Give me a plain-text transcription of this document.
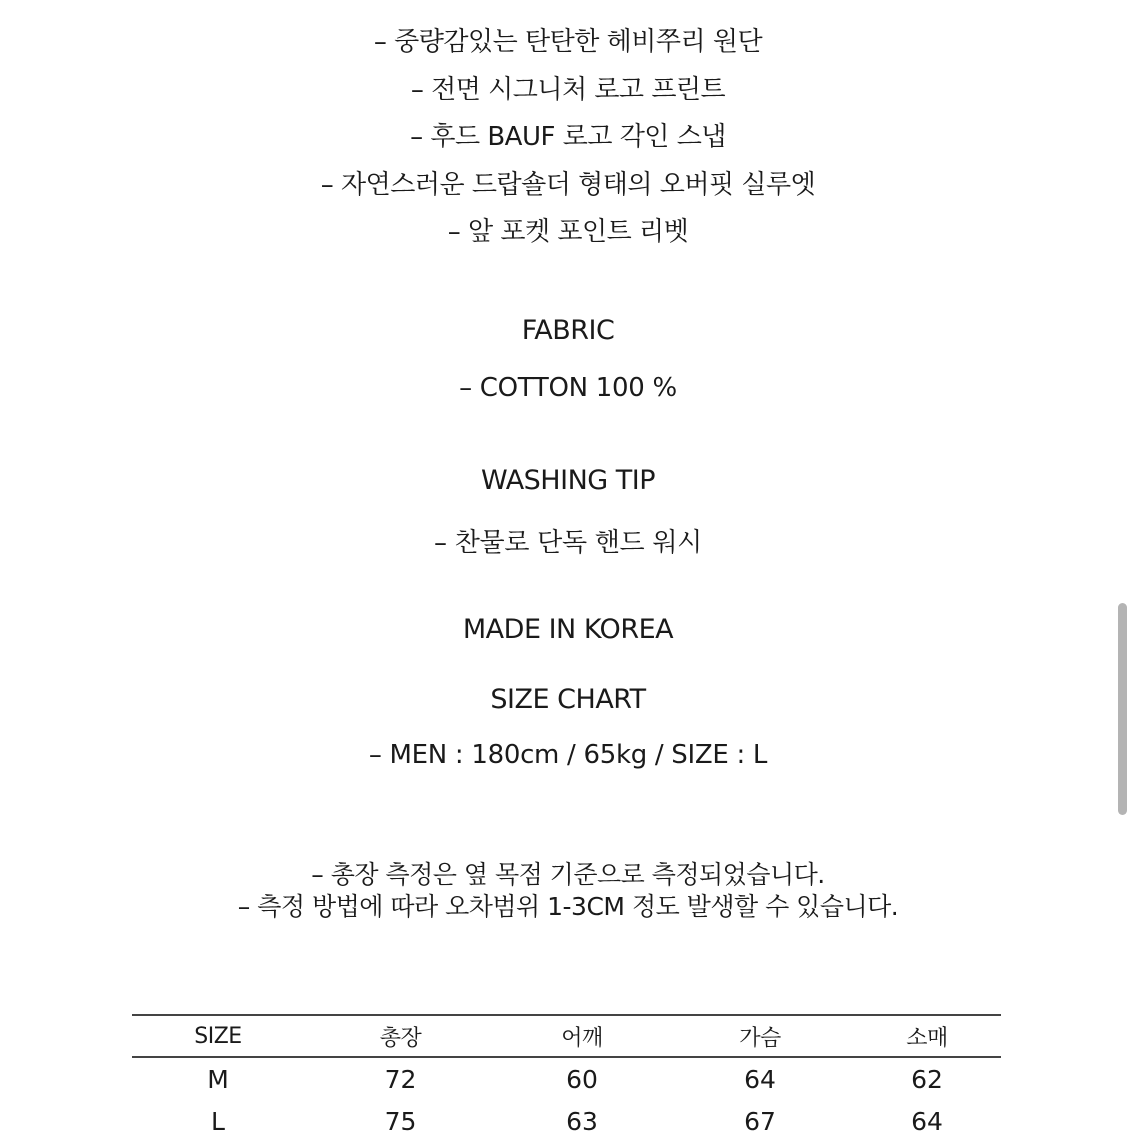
– 중량감있는 탄탄한 헤비쭈리 원단
– 전면 시그니처 로고 프린트
– 후드 BAUF 로고 각인 스냅
– 자연스러운 드랍숄더 형태의 오버핏 실루엣
– 앞 포켓 포인트 리벳
FABRIC
– COTTON 100 %
WASHING TIP
– 찬물로 단독 핸드 워시
MADE IN KOREA
SIZE CHART
– MEN : 180cm / 65kg / SIZE : L
– 총장 측정은 옆 목점 기준으로 측정되었습니다.
– 측정 방법에 따라 오차범위 1-3CM 정도 발생할 수 있습니다.
SIZE	총장	어깨	가슴	소매
M	72	60	64	62
L	75	63	67	64
